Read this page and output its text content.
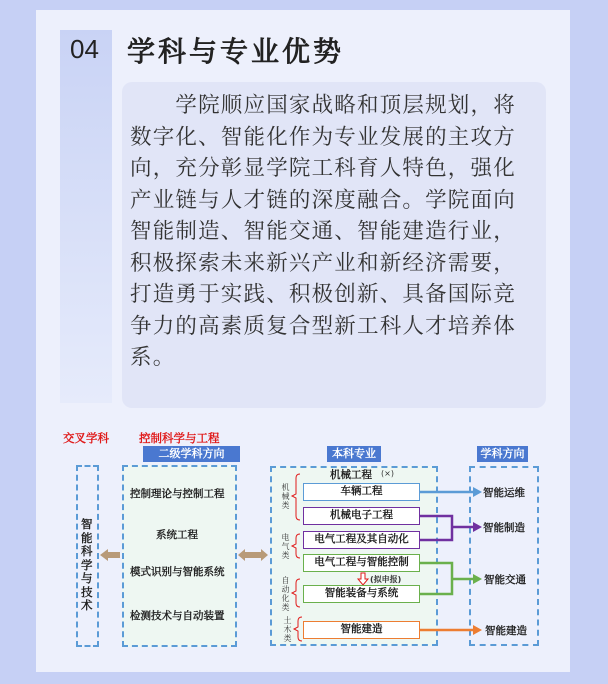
04 学科与专业优势
　　学院顺应国家战略和顶层规划，将
数字化、智能化作为专业发展的主攻方
向，充分彰显学院工科育人特色，强化
产业链与人才链的深度融合。学院面向
智能制造、智能交通、智能建造行业，
积极探索未来新兴产业和新经济需要，
打造勇于实践、积极创新、具备国际竞
争力的高素质复合型新工科人才培养体
系。
交叉学科	控制科学与工程
二级学科方向	本科专业	学科方向
智能科学与技术
控制理论与控制工程
系统工程
模式识别与智能系统
检测技术与自动装置
机械工程 (×)
车辆工程
机械电子工程
电气工程及其自动化
电气工程与智能控制
智能装备与系统
智能建造
(拟申报)
机械类
电气类
自动化类
土木类
智能运维
智能制造
智能交通
智能建造
